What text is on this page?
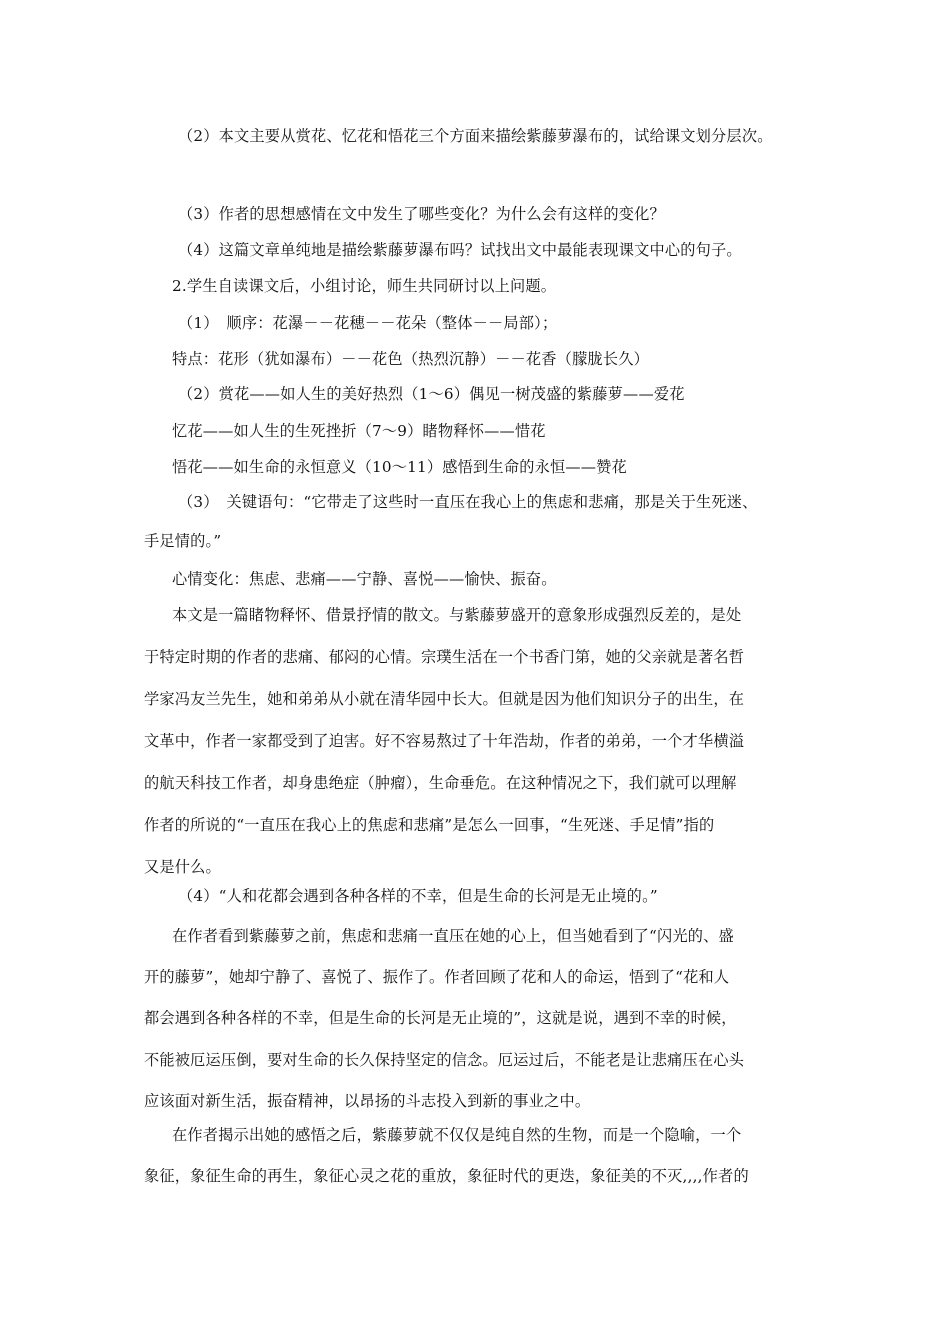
（2）本文主要从赏花、忆花和悟花三个方面来描绘紫藤萝瀑布的，试给课文划分层次。
（3）作者的思想感情在文中发生了哪些变化？为什么会有这样的变化？
（4）这篇文章单纯地是描绘紫藤萝瀑布吗？试找出文中最能表现课文中心的句子。
2.学生自读课文后，小组讨论，师生共同研讨以上问题。
（1）　顺序：花瀑－－花穗－－花朵（整体－－局部）；
特点：花形（犹如瀑布）－－花色（热烈沉静）－－花香（朦胧长久）
（2）赏花——如人生的美好热烈（1～6）偶见一树茂盛的紫藤萝——爱花
忆花——如人生的生死挫折（7～9）睹物释怀——惜花
悟花——如生命的永恒意义（10～11）感悟到生命的永恒——赞花
（3）　关键语句：“它带走了这些时一直压在我心上的焦虑和悲痛，那是关于生死迷、
手足情的。”
心情变化：焦虑、悲痛——宁静、喜悦——愉快、振奋。
本文是一篇睹物释怀、借景抒情的散文。与紫藤萝盛开的意象形成强烈反差的，是处
于特定时期的作者的悲痛、郁闷的心情。宗璞生活在一个书香门第，她的父亲就是著名哲
学家冯友兰先生，她和弟弟从小就在清华园中长大。但就是因为他们知识分子的出生，在
文革中，作者一家都受到了迫害。好不容易熬过了十年浩劫，作者的弟弟，一个才华横溢
的航天科技工作者，却身患绝症（肿瘤），生命垂危。在这种情况之下，我们就可以理解
作者的所说的“一直压在我心上的焦虑和悲痛”是怎么一回事，“生死迷、手足情”指的
又是什么。
（4）“人和花都会遇到各种各样的不幸，但是生命的长河是无止境的。”
在作者看到紫藤萝之前，焦虑和悲痛一直压在她的心上，但当她看到了“闪光的、盛
开的藤萝”，她却宁静了、喜悦了、振作了。作者回顾了花和人的命运，悟到了“花和人
都会遇到各种各样的不幸，但是生命的长河是无止境的”，这就是说，遇到不幸的时候，
不能被厄运压倒，要对生命的长久保持坚定的信念。厄运过后，不能老是让悲痛压在心头
应该面对新生活，振奋精神，以昂扬的斗志投入到新的事业之中。
在作者揭示出她的感悟之后，紫藤萝就不仅仅是纯自然的生物，而是一个隐喻，一个
象征，象征生命的再生，象征心灵之花的重放，象征时代的更迭，象征美的不灭,,,,作者的
